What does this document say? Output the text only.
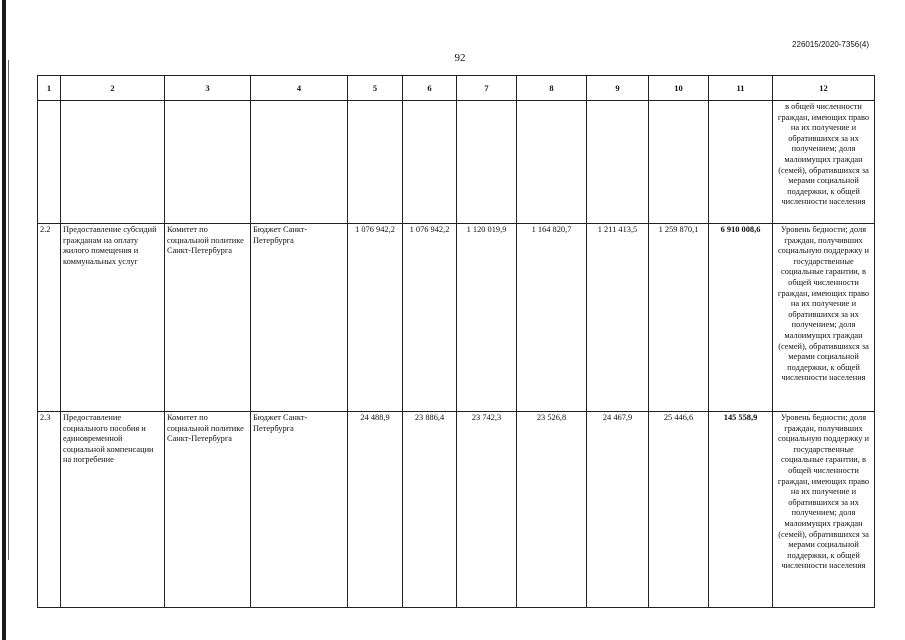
226015/2020-7356(4)
92
1	2	3	4	5	6	7	8	9	10	11	12
											в общей численности граждан, имеющих право на их получение и обратившихся за их получением; доля малоимущих граждан (семей), обратившихся за мерами социальной поддержки, к общей численности населения
2.2	Предоставление субсидий гражданам на оплату жилого помещения и коммунальных услуг	Комитет по социальной политике Санкт-Петербурга	Бюджет Санкт-Петербурга	1 076 942,2	1 076 942,2	1 120 019,9	1 164 820,7	1 211 413,5	1 259 870,1	6 910 008,6	Уровень бедности; доля граждан, получивших социальную поддержку и государственные социальные гарантии, в общей численности граждан, имеющих право на их получение и обратившихся за их получением; доля малоимущих граждан (семей), обратившихся за мерами социальной поддержки, к общей численности населения
2.3	Предоставление социального пособия и единовременной социальной компенсации на погребение	Комитет по социальной политике Санкт-Петербурга	Бюджет Санкт-Петербурга	24 488,9	23 886,4	23 742,3	23 526,8	24 467,9	25 446,6	145 558,9	Уровень бедности; доля граждан, получивших социальную поддержку и государственные социальные гарантии, в общей численности граждан, имеющих право на их получение и обратившихся за их получением; доля малоимущих граждан (семей), обратившихся за мерами социальной поддержки, к общей численности населения
